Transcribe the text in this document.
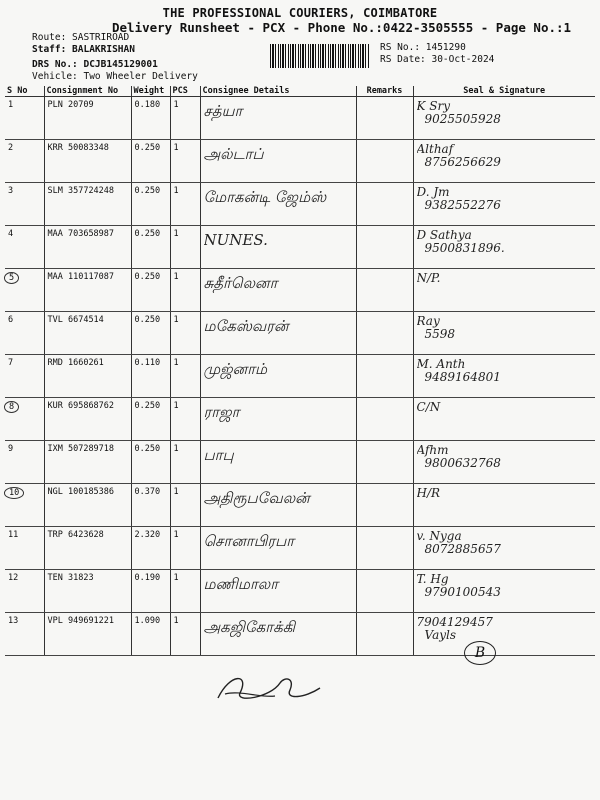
THE PROFESSIONAL COURIERS, COIMBATORE
Delivery Runsheet - PCX - Phone No.:0422-3505555 - Page No.:1
Route: SASTRIROAD
Staff: BALAKRISHAN
DRS No.: DCJB145129001
Vehicle: Two Wheeler Delivery
RS No.: 1451290
RS Date: 30-Oct-2024
S No	Consignment No	Weight	PCS	Consignee Details	Remarks	Seal & Signature
1	PLN 20709	0.180	1	சத்யா		K Sry
9025505928

2	KRR 50083348	0.250	1	அல்டாப்		Althaf
8756256629

3	SLM 357724248	0.250	1	மோகன்டி ஜேம்ஸ்		D. Jm
9382552276

4	MAA 703658987	0.250	1	NUNES.		D Sathya
9500831896.

5	MAA 110117087	0.250	1	சுதீர்லெனா		N/P.

6	TVL 6674514	0.250	1	மகேஸ்வரன்		Ray
5598

7	RMD 1660261	0.110	1	முஜ்னாம்		M. Anth
9489164801

8	KUR 695868762	0.250	1	ராஜா		C/N

9	IXM 507289718	0.250	1	பாபு		Afhm
9800632768

10	NGL 100185386	0.370	1	அதிரூபவேலன்		H/R

11	TRP 6423628	2.320	1	சொனாபிரபா		v. Nyga
8072885657

12	TEN 31823	0.190	1	மணிமாலா		T. Hg
9790100543

13	VPL 949691221	1.090	1	அகஜிகோக்கி		7904129457
Vayls
B
